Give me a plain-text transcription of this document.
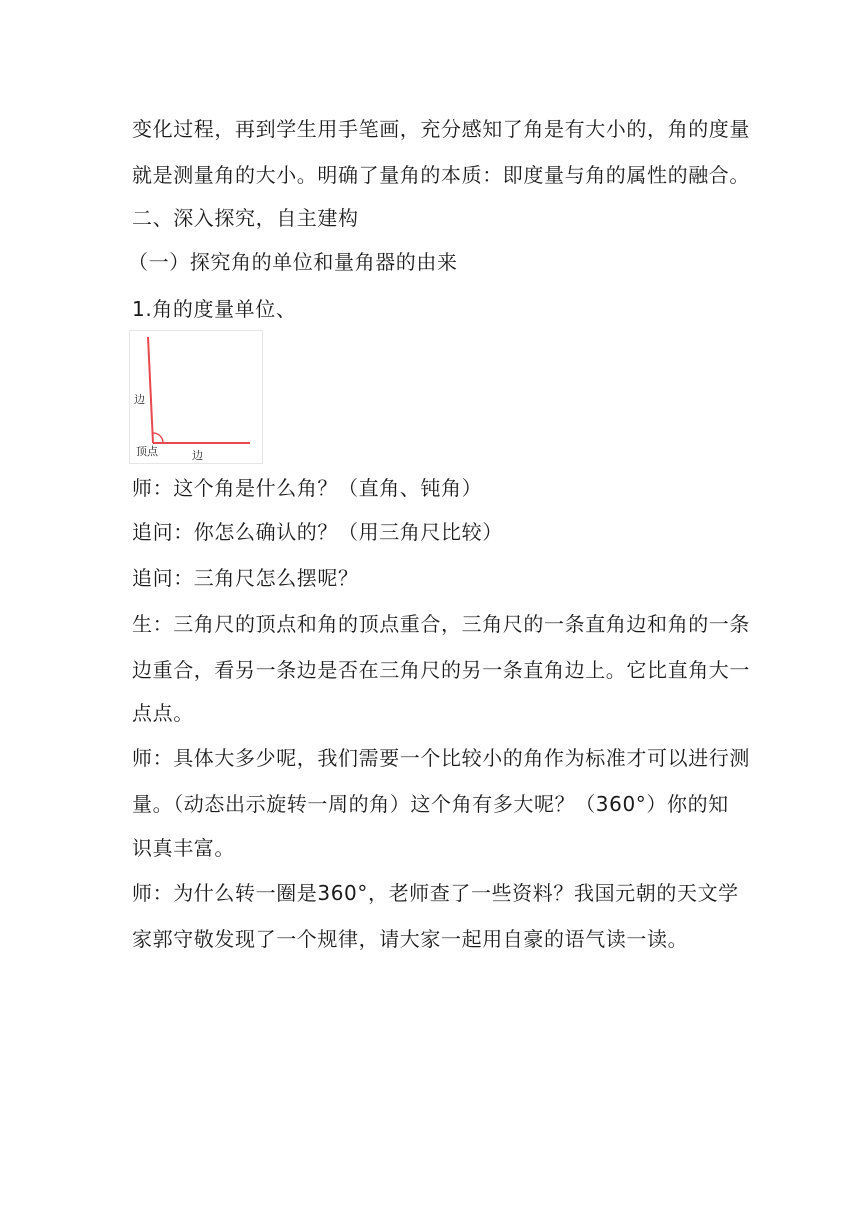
变化过程，再到学生用手笔画，充分感知了角是有大小的，角的度量
就是测量角的大小。明确了量角的本质：即度量与角的属性的融合。
二、深入探究，自主建构
（一）探究角的单位和量角器的由来
1.角的度量单位、
边
顶点	边
师：这个角是什么角？（直角、钝角）
追问：你怎么确认的？（用三角尺比较）
追问：三角尺怎么摆呢？
生：三角尺的顶点和角的顶点重合，三角尺的一条直角边和角的一条
边重合，看另一条边是否在三角尺的另一条直角边上。它比直角大一
点点。
师：具体大多少呢，我们需要一个比较小的角作为标准才可以进行测
量。（动态出示旋转一周的角）这个角有多大呢？（360°）你的知
识真丰富。
师：为什么转一圈是360°，老师查了一些资料？我国元朝的天文学
家郭守敬发现了一个规律，请大家一起用自豪的语气读一读。
